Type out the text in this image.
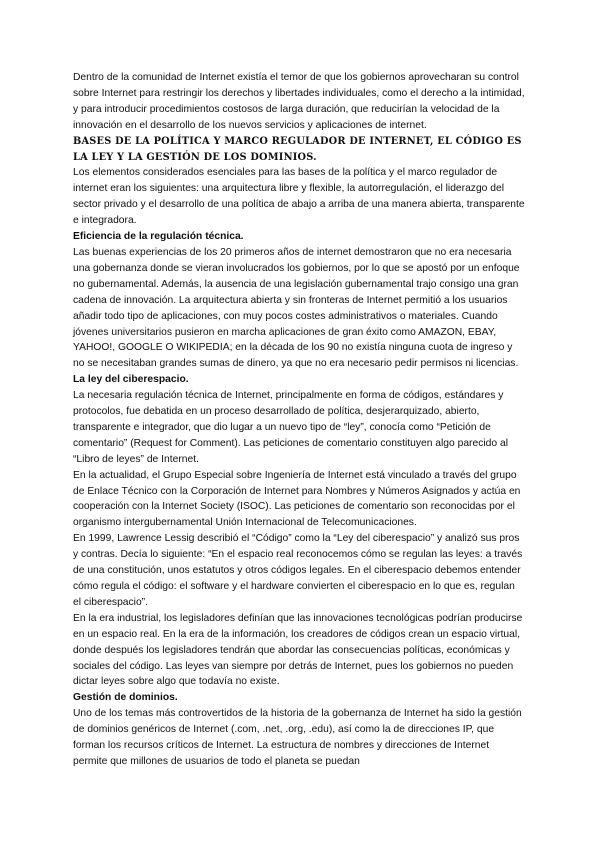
Dentro de la comunidad de Internet existía el temor de que los gobiernos aprovecharan su control sobre Internet para restringir los derechos y libertades individuales, como el derecho a la intimidad, y para introducir procedimientos costosos de larga duración, que reducirían la velocidad de la innovación en el desarrollo de los nuevos servicios y aplicaciones de internet.

BASES DE LA POLÍTICA Y MARCO REGULADOR DE INTERNET, EL CÓDIGO ES LA LEY Y LA GESTIÓN DE LOS DOMINIOS.

Los elementos considerados esenciales para las bases de la política y el marco regulador de internet eran los siguientes: una arquitectura libre y flexible, la autorregulación, el liderazgo del sector privado y el desarrollo de una política de abajo a arriba de una manera abierta, transparente e integradora.

Eficiencia de la regulación técnica.

Las buenas experiencias de los 20 primeros años de internet demostraron que no era necesaria una gobernanza donde se vieran involucrados los gobiernos, por lo que se apostó por un enfoque no gubernamental. Además, la ausencia de una legislación gubernamental trajo consigo una gran cadena de innovación. La arquitectura abierta y sin fronteras de Internet permitió a los usuarios añadir todo tipo de aplicaciones, con muy pocos costes administrativos o materiales. Cuando jóvenes universitarios pusieron en marcha aplicaciones de gran éxito como AMAZON, EBAY, YAHOO!, GOOGLE O WIKIPEDIA; en la década de los 90 no existía ninguna cuota de ingreso y no se necesitaban grandes sumas de dinero, ya que no era necesario pedir permisos ni licencias.

La ley del ciberespacio.

La necesaria regulación técnica de Internet, principalmente en forma de códigos, estándares y protocolos, fue debatida en un proceso desarrollado de política, desjerarquizado, abierto, transparente e integrador, que dio lugar a un nuevo tipo de “ley”, conocía como “Petición de comentario” (Request for Comment). Las peticiones de comentario constituyen algo parecido al “Libro de leyes” de Internet.

En la actualidad, el Grupo Especial sobre Ingeniería de Internet está vinculado a través del grupo de Enlace Técnico con la Corporación de Internet para Nombres y Números Asignados y actúa en cooperación con la Internet Society (ISOC). Las peticiones de comentario son reconocidas por el organismo intergubernamental Unión Internacional de Telecomunicaciones.

En 1999, Lawrence Lessig describió el “Código” como la “Ley del ciberespacio” y analizó sus pros y contras. Decía lo siguiente: “En el espacio real reconocemos cómo se regulan las leyes: a través de una constitución, unos estatutos y otros códigos legales. En el ciberespacio debemos entender cómo regula el código: el software y el hardware convierten el ciberespacio en lo que es, regulan el ciberespacio”.

En la era industrial, los legisladores definían que las innovaciones tecnológicas podrían producirse en un espacio real. En la era de la información, los creadores de códigos crean un espacio virtual, donde después los legisladores tendrán que abordar las consecuencias políticas, económicas y sociales del código. Las leyes van siempre por detrás de Internet, pues los gobiernos no pueden dictar leyes sobre algo que todavía no existe.

Gestión de dominios.

Uno de los temas más controvertidos de la historia de la gobernanza de Internet ha sido la gestión de dominios genéricos de Internet (.com, .net, .org, .edu), así como la de direcciones IP, que forman los recursos críticos de Internet. La estructura de nombres y direcciones de Internet permite que millones de usuarios de todo el planeta se puedan
